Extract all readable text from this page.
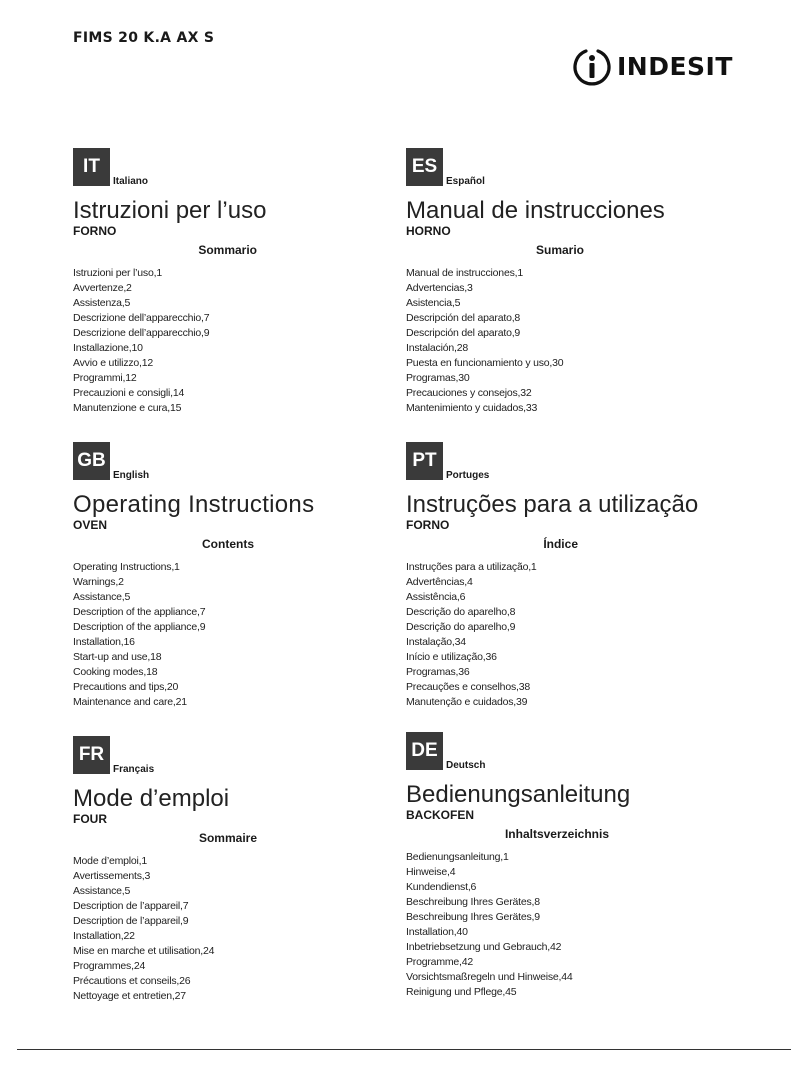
FIMS 20 K.A AX S
INDESIT
IT
Italiano
Istruzioni per l’uso
FORNO
Sommario
Istruzioni per l’uso,1
Avvertenze,2
Assistenza,5
Descrizione dell’apparecchio,7
Descrizione dell’apparecchio,9
Installazione,10
Avvio e utilizzo,12
Programmi,12
Precauzioni e consigli,14
Manutenzione e cura,15
ES
Español
Manual de instrucciones
HORNO
Sumario
Manual de instrucciones,1
Advertencias,3
Asistencia,5
Descripción del aparato,8
Descripción del aparato,9
Instalación,28
Puesta en funcionamiento y uso,30
Programas,30
Precauciones y consejos,32
Mantenimiento y cuidados,33
GB
English
Operating Instructions
OVEN
Contents
Operating Instructions,1
Warnings,2
Assistance,5
Description of the appliance,7
Description of the appliance,9
Installation,16
Start-up and use,18
Cooking modes,18
Precautions and tips,20
Maintenance and care,21
PT
Portuges
Instruções para a utilização
FORNO
Índice
Instruções para a utilização,1
Advertências,4
Assistência,6
Descrição do aparelho,8
Descrição do aparelho,9
Instalação,34
Início e utilização,36
Programas,36
Precauções e conselhos,38
Manutenção e cuidados,39
FR
Français
Mode d’emploi
FOUR
Sommaire
Mode d’emploi,1
Avertissements,3
Assistance,5
Description de l’appareil,7
Description de l’appareil,9
Installation,22
Mise en marche et utilisation,24
Programmes,24
Précautions et conseils,26
Nettoyage et entretien,27
DE
Deutsch
Bedienungsanleitung
BACKOFEN
Inhaltsverzeichnis
Bedienungsanleitung,1
Hinweise,4
Kundendienst,6
Beschreibung Ihres Gerätes,8
Beschreibung Ihres Gerätes,9
Installation,40
Inbetriebsetzung und Gebrauch,42
Programme,42
Vorsichtsmaßregeln und Hinweise,44
Reinigung und Pflege,45
